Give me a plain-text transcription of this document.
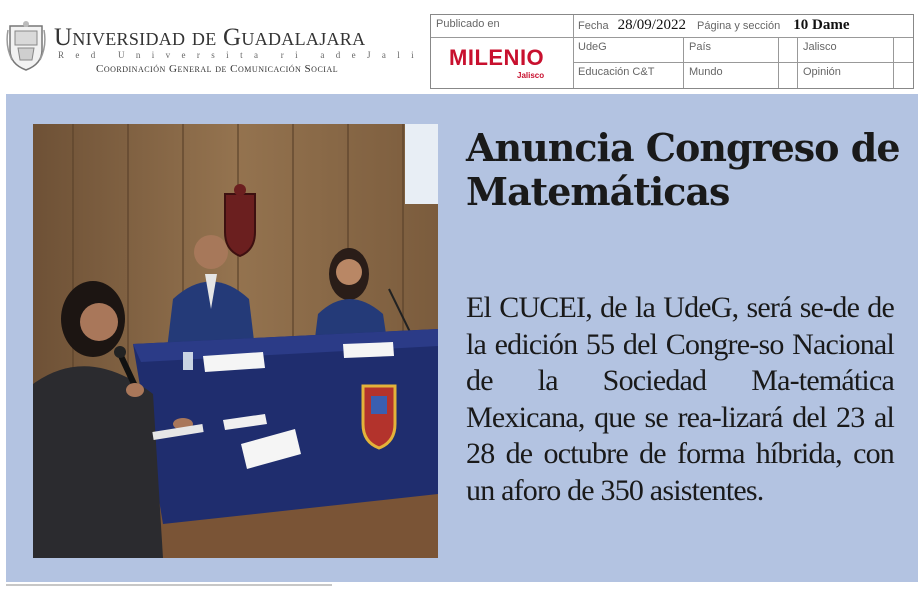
Universidad de Guadalajara
R e d	U n i v e r s i t a	r i	a d e J a l i
Coordinación General de Comunicación Social
Publicado en
MILENIO
Jalisco
Fecha 28/09/2022 Página y sección 10 Dame
UdeG	País	Jalisco
Educación C&T	Mundo	Opinión
Anuncia Congreso de Matemáticas
El CUCEI, de la UdeG, será se-de de la edición 55 del Congre-so Nacional de la Sociedad Ma-temática Mexicana, que se rea-lizará del 23 al 28 de octubre de forma híbrida, con un aforo de 350 asistentes.
